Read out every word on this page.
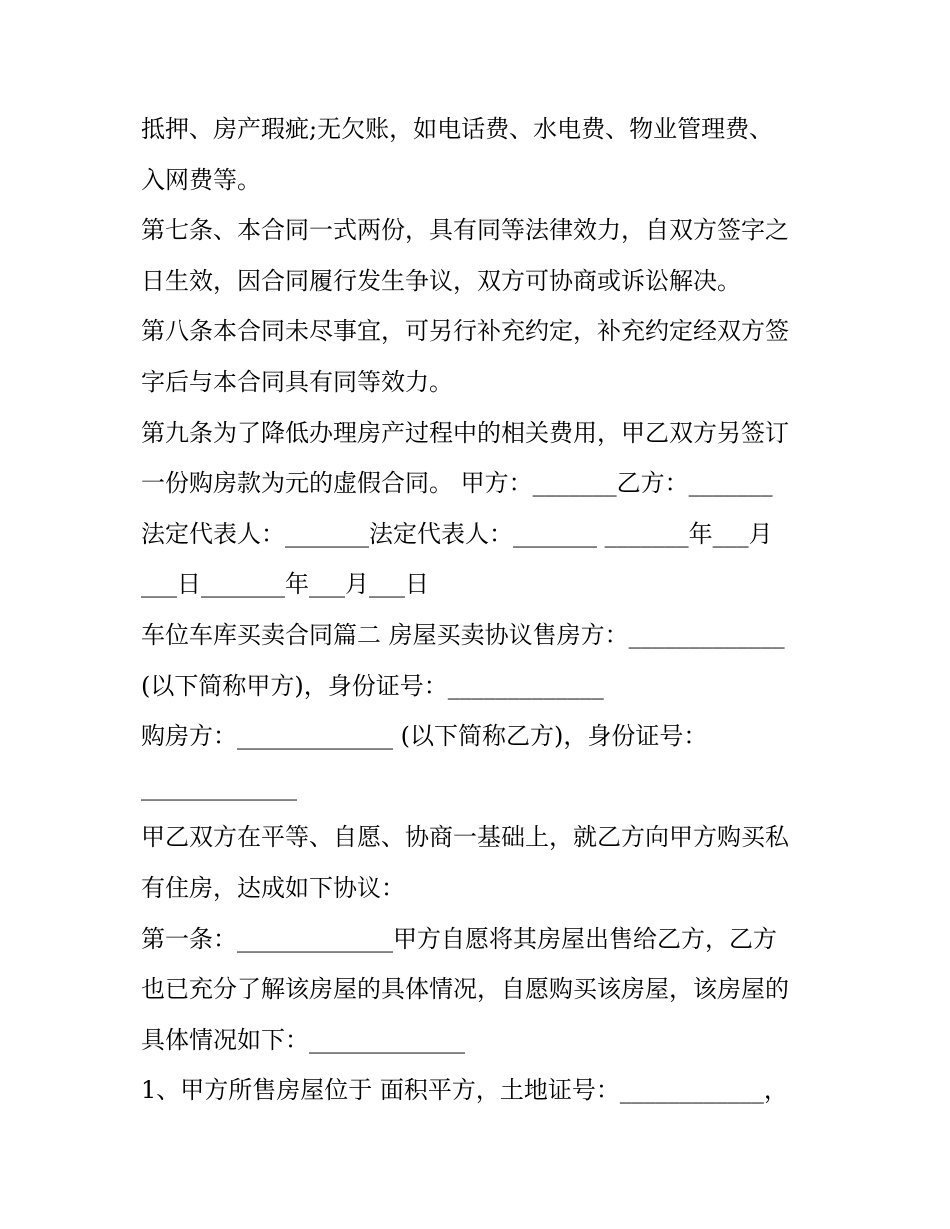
抵押、房产瑕疵;无欠账，如电话费、水电费、物业管理费、
入网费等。
第七条、本合同一式两份，具有同等法律效力，自双方签字之
日生效，因合同履行发生争议，双方可协商或诉讼解决。
第八条本合同未尽事宜，可另行补充约定，补充约定经双方签
字后与本合同具有同等效力。
第九条为了降低办理房产过程中的相关费用，甲乙双方另签订
一份购房款为元的虚假合同。 甲方：_______乙方：_______
法定代表人：_______法定代表人：_______ _______年___月
___日_______年___月___日
车位车库买卖合同篇二 房屋买卖协议售房方：_____________
(以下简称甲方)，身份证号：_____________
购房方：_____________ (以下简称乙方)，身份证号：
_____________
甲乙双方在平等、自愿、协商一基础上，就乙方向甲方购买私
有住房，达成如下协议：
第一条：_____________甲方自愿将其房屋出售给乙方，乙方
也已充分了解该房屋的具体情况，自愿购买该房屋，该房屋的
具体情况如下：_____________
1、甲方所售房屋位于 面积平方，土地证号：____________，
